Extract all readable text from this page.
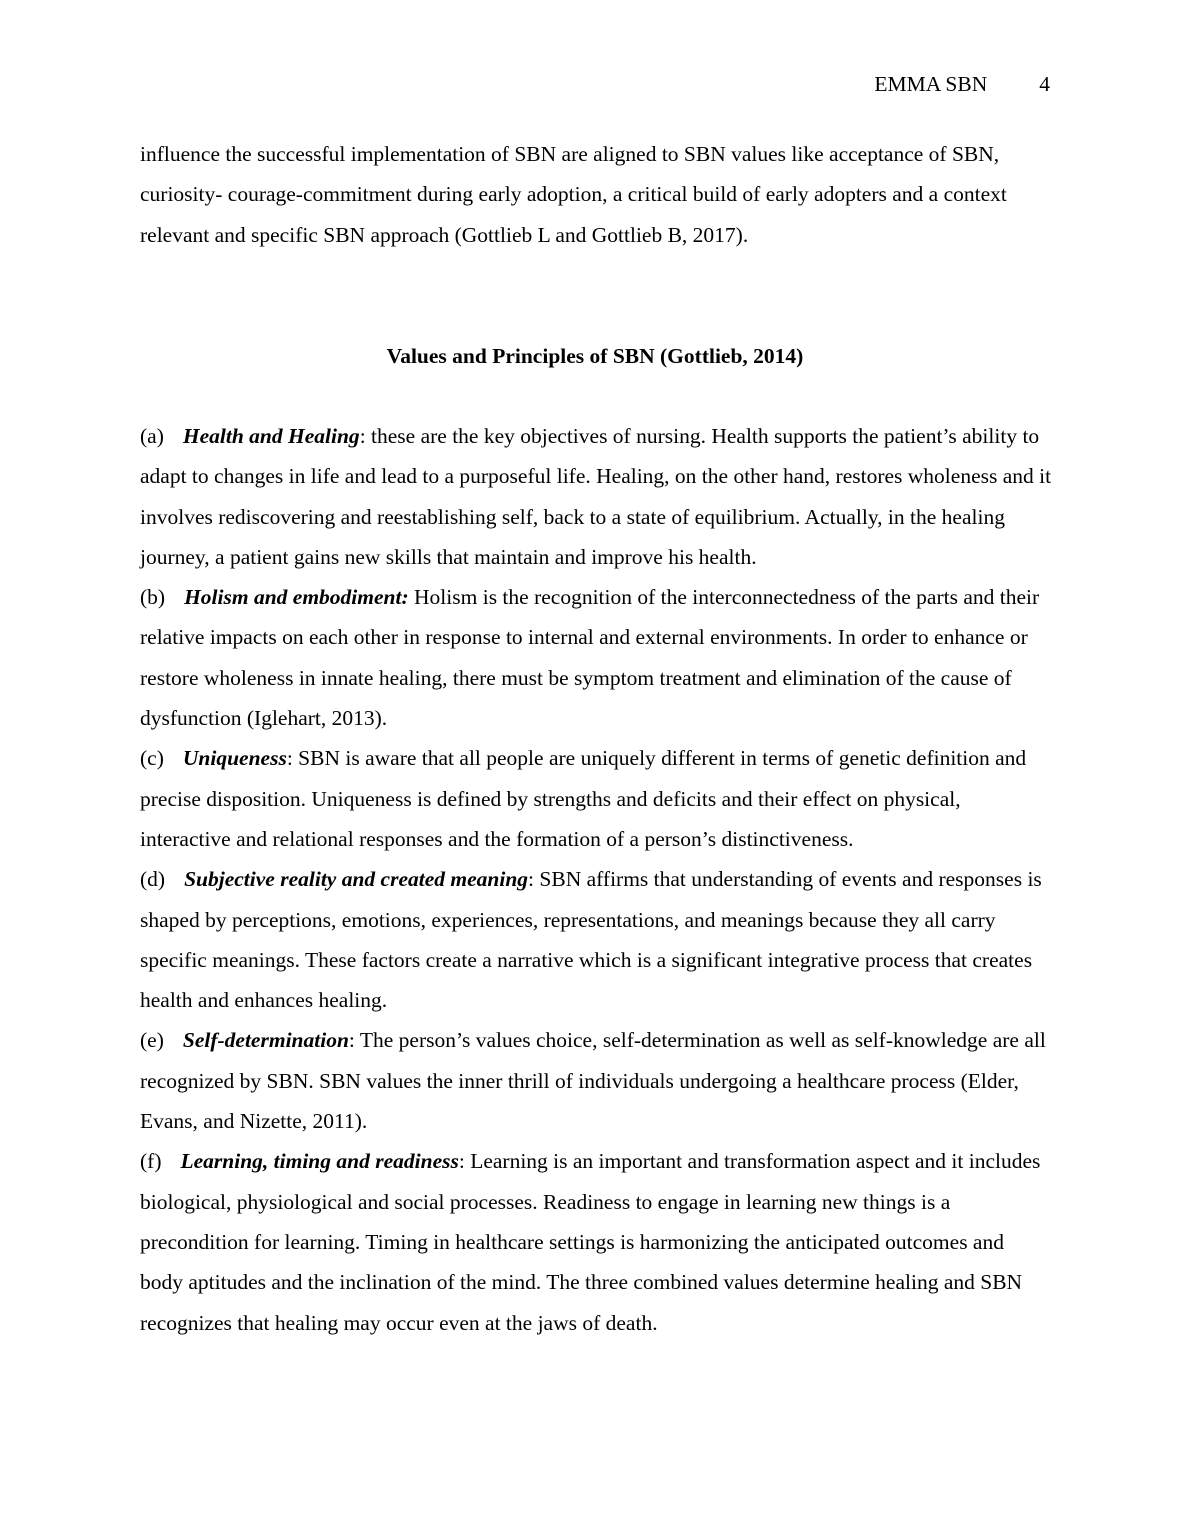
EMMA SBN 4

influence the successful implementation of SBN are aligned to SBN values like acceptance of SBN, curiosity- courage-commitment during early adoption, a critical build of early adopters and a context relevant and specific SBN approach (Gottlieb L and Gottlieb B, 2017).

Values and Principles of SBN (Gottlieb, 2014)

(a) Health and Healing: these are the key objectives of nursing. Health supports the patient’s ability to adapt to changes in life and lead to a purposeful life. Healing, on the other hand, restores wholeness and it involves rediscovering and reestablishing self, back to a state of equilibrium. Actually, in the healing journey, a patient gains new skills that maintain and improve his health.

(b) Holism and embodiment: Holism is the recognition of the interconnectedness of the parts and their relative impacts on each other in response to internal and external environments. In order to enhance or restore wholeness in innate healing, there must be symptom treatment and elimination of the cause of dysfunction (Iglehart, 2013).

(c) Uniqueness: SBN is aware that all people are uniquely different in terms of genetic definition and precise disposition. Uniqueness is defined by strengths and deficits and their effect on physical, interactive and relational responses and the formation of a person’s distinctiveness.

(d) Subjective reality and created meaning: SBN affirms that understanding of events and responses is shaped by perceptions, emotions, experiences, representations, and meanings because they all carry specific meanings. These factors create a narrative which is a significant integrative process that creates health and enhances healing.

(e) Self-determination: The person’s values choice, self-determination as well as self-knowledge are all recognized by SBN. SBN values the inner thrill of individuals undergoing a healthcare process (Elder, Evans, and Nizette, 2011).

(f) Learning, timing and readiness: Learning is an important and transformation aspect and it includes biological, physiological and social processes. Readiness to engage in learning new things is a precondition for learning. Timing in healthcare settings is harmonizing the anticipated outcomes and body aptitudes and the inclination of the mind. The three combined values determine healing and SBN recognizes that healing may occur even at the jaws of death.
